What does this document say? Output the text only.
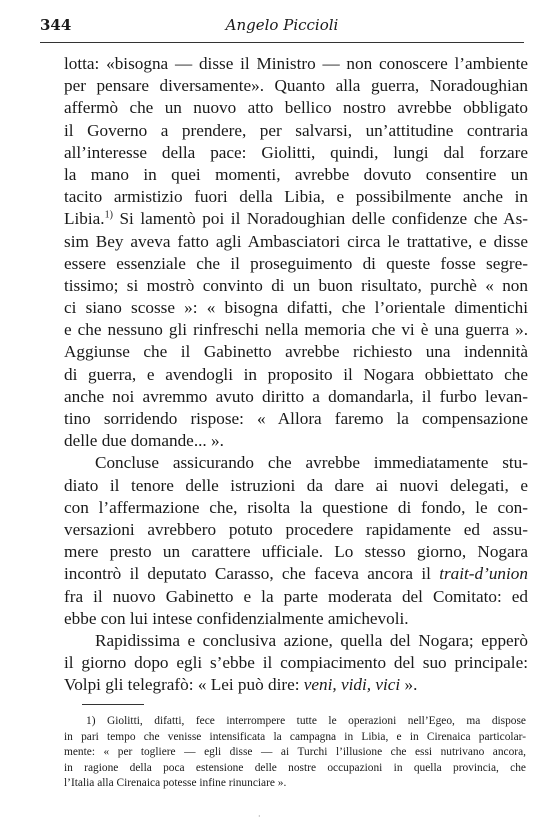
344	Angelo Piccioli
lotta: «bisogna — disse il Ministro — non conoscere l’ambiente
per pensare diversamente». Quanto alla guerra, Noradoughian
affermò che un nuovo atto bellico nostro avrebbe obbligato
il Governo a prendere, per salvarsi, un’attitudine contraria
all’interesse della pace: Giolitti, quindi, lungi dal forzare
la mano in quei momenti, avrebbe dovuto consentire un
tacito armistizio fuori della Libia, e possibilmente anche in
Libia.$^{1)}$ Si lamentò poi il Noradoughian delle confidenze che As-
sim Bey aveva fatto agli Ambasciatori circa le trattative, e disse
essere essenziale che il proseguimento di queste fosse segre-
tissimo; si mostrò convinto di un buon risultato, purchè « non
ci siano scosse »: « bisogna difatti, che l’orientale dimentichi
e che nessuno gli rinfreschi nella memoria che vi è una guerra ».
Aggiunse che il Gabinetto avrebbe richiesto una indennità
di guerra, e avendogli in proposito il Nogara obbiettato che
anche noi avremmo avuto diritto a domandarla, il furbo levan-
tino sorridendo rispose: « Allora faremo la compensazione
delle due domande... ».
Concluse assicurando che avrebbe immediatamente stu-
diato il tenore delle istruzioni da dare ai nuovi delegati, e
con l’affermazione che, risolta la questione di fondo, le con-
versazioni avrebbero potuto procedere rapidamente ed assu-
mere presto un carattere ufficiale. Lo stesso giorno, Nogara
incontrò il deputato Carasso, che faceva ancora il trait-d’union
fra il nuovo Gabinetto e la parte moderata del Comitato: ed
ebbe con lui intese confidenzialmente amichevoli.
Rapidissima e conclusiva azione, quella del Nogara; epperò
il giorno dopo egli s’ebbe il compiacimento del suo principale:
Volpi gli telegrafò: « Lei può dire: veni, vidi, vici ».
1) Giolitti, difatti, fece interrompere tutte le operazioni nell’Egeo, ma dispose
in pari tempo che venisse intensificata la campagna in Libia, e in Cirenaica particolar-
mente: « per togliere — egli disse — ai Turchi l’illusione che essi nutrivano ancora,
in ragione della poca estensione delle nostre occupazioni in quella provincia, che
l’Italia alla Cirenaica potesse infine rinunciare ».
·
